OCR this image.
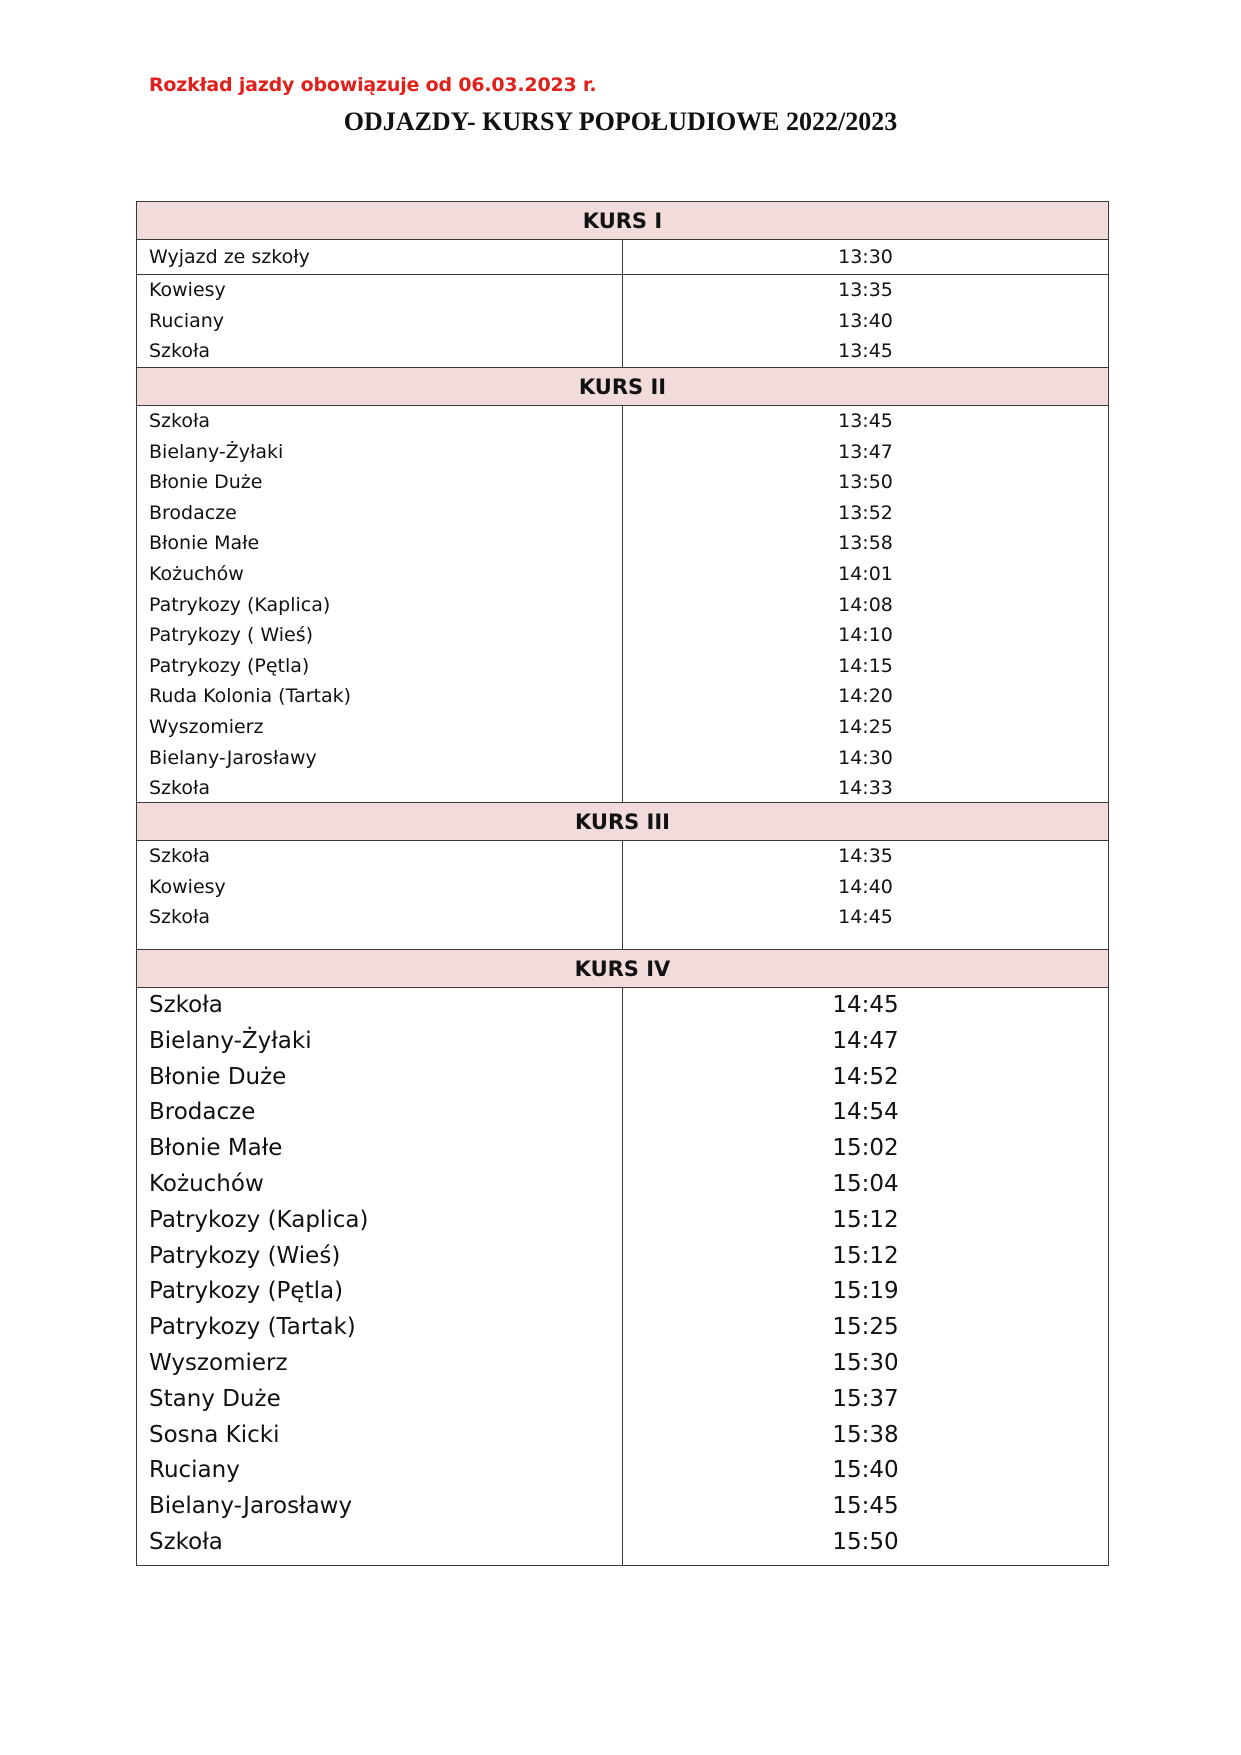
Rozkład jazdy obowiązuje od 06.03.2023 r.
ODJAZDY- KURSY POPOŁUDIOWE 2022/2023
KURS I
Wyjazd ze szkoły	13:30
Kowiesy
Ruciany
Szkoła
13:35
13:40
13:45
KURS II
Szkoła
Bielany-Żyłaki
Błonie Duże
Brodacze
Błonie Małe
Kożuchów
Patrykozy (Kaplica)
Patrykozy ( Wieś)
Patrykozy (Pętla)
Ruda Kolonia (Tartak)
Wyszomierz
Bielany-Jarosławy
Szkoła
13:45
13:47
13:50
13:52
13:58
14:01
14:08
14:10
14:15
14:20
14:25
14:30
14:33
KURS III
Szkoła
Kowiesy
Szkoła
14:35
14:40
14:45
KURS IV
Szkoła
Bielany-Żyłaki
Błonie Duże
Brodacze
Błonie Małe
Kożuchów
Patrykozy (Kaplica)
Patrykozy (Wieś)
Patrykozy (Pętla)
Patrykozy (Tartak)
Wyszomierz
Stany Duże
Sosna Kicki
Ruciany
Bielany-Jarosławy
Szkoła
14:45
14:47
14:52
14:54
15:02
15:04
15:12
15:12
15:19
15:25
15:30
15:37
15:38
15:40
15:45
15:50
